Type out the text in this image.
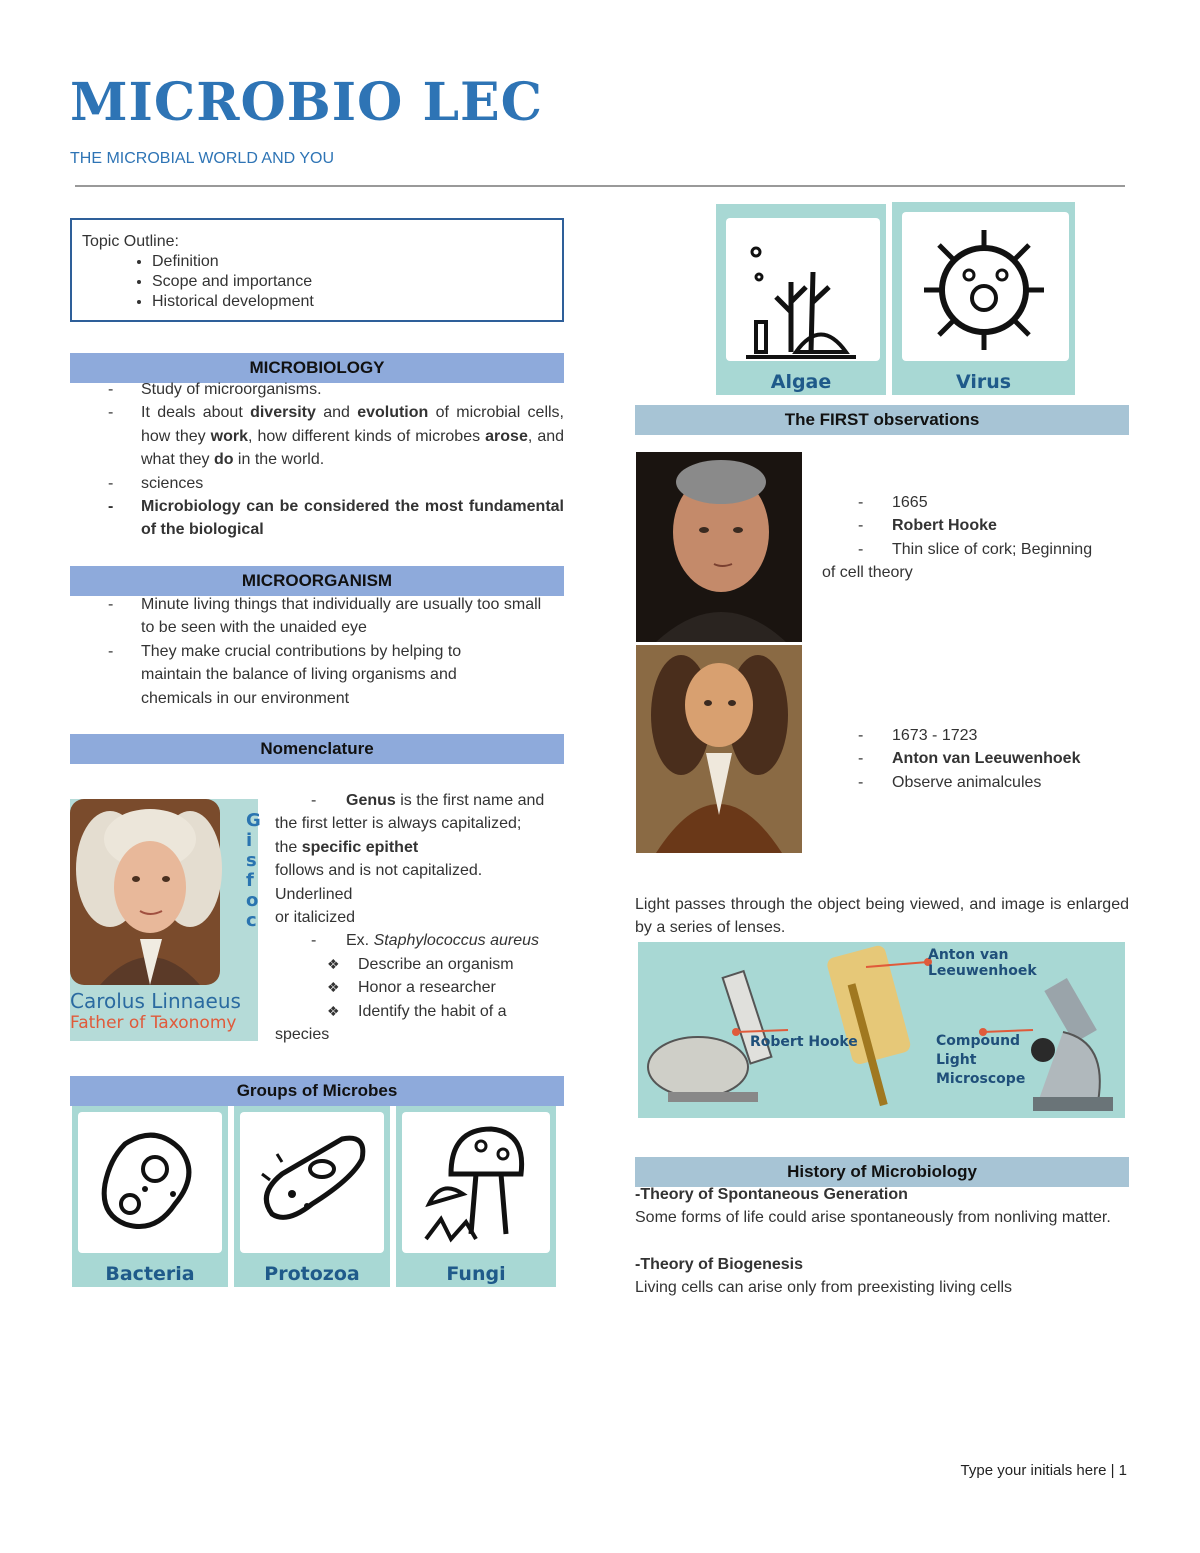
MICROBIO LEC
THE MICROBIAL WORLD AND YOU
Topic Outline:
• Definition
• Scope and importance
• Historical development
MICROBIOLOGY
- Study of microorganisms.
- It deals about diversity and evolution of microbial cells, how they work, how different kinds of microbes arose, and what they do in the world.
- sciences
- Microbiology can be considered the most fundamental of the biological
MICROORGANISM
- Minute living things that individually are usually too small to be seen with the unaided eye
- They make crucial contributions by helping to maintain the balance of living organisms and chemicals in our environment
Nomenclature
G is fo c
Carolus Linnaeus
Father of Taxonomy
- Genus is the first name and
the first letter is always capitalized;
the specific epithet
follows and is not capitalized.
Underlined
or italicized
- Ex. Staphylococcus aureus
❖ Describe an organism
❖ Honor a researcher
❖ Identify the habit of a
species
Groups of Microbes
Bacteria	Protozoa	Fungi
Algae	Virus
The FIRST observations
- 1665
- Robert Hooke
- Thin slice of cork; Beginning
of cell theory
- 1673 - 1723
- Anton van Leeuwenhoek
- Observe animalcules
Light passes through the object being viewed, and image is enlarged by a series of lenses.
Anton van Leeuwenhoek
Robert Hooke	Compound Light Microscope
History of Microbiology
-Theory of Spontaneous Generation
Some forms of life could arise spontaneously from nonliving matter.
-Theory of Biogenesis
Living cells can arise only from preexisting living cells
Type your initials here | 1
